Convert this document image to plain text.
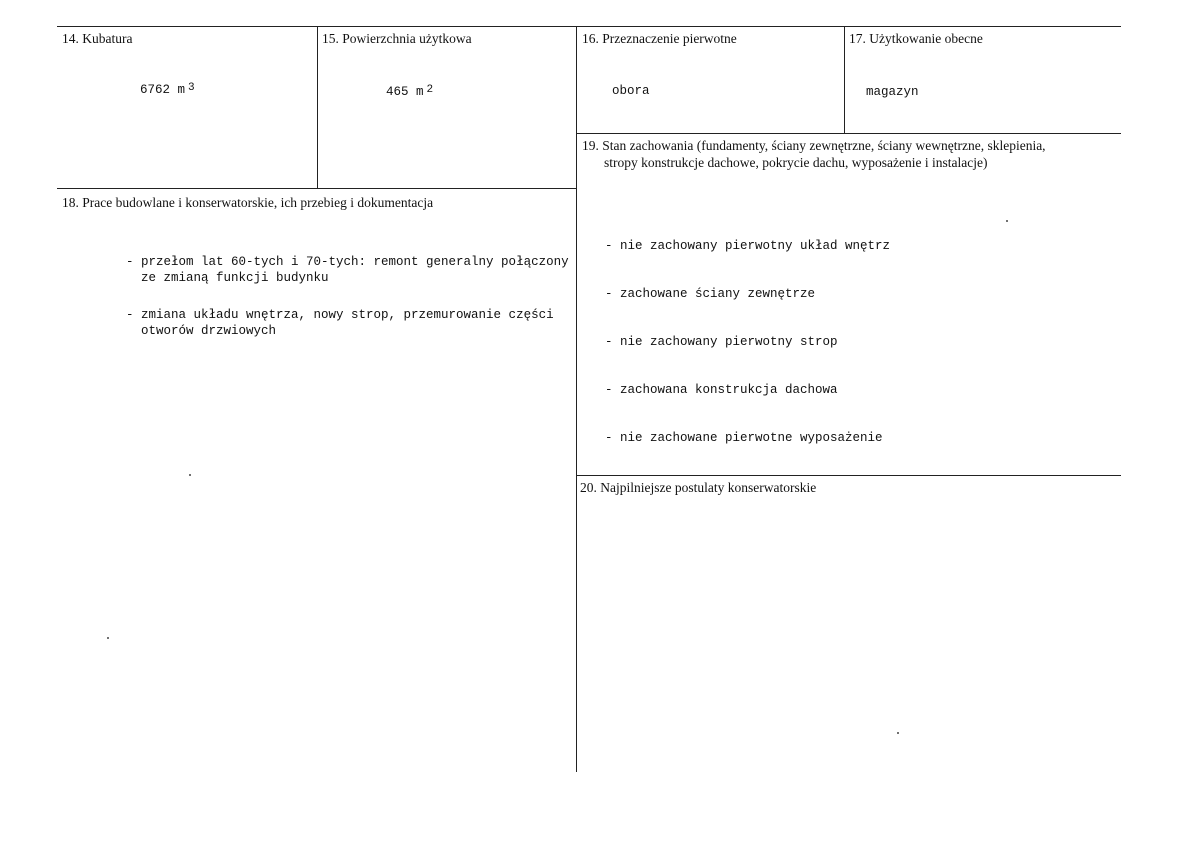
14. Kubatura
6762 m 3
15. Powierzchnia użytkowa
465 m 2
16. Przeznaczenie pierwotne
obora
17. Użytkowanie obecne
magazyn
18. Prace budowlane i konserwatorskie, ich przebieg i dokumentacja
- przełom lat 60-tych i 70-tych: remont generalny połączony
ze zmianą funkcji budynku
- zmiana układu wnętrza, nowy strop, przemurowanie części
otworów drzwiowych
19. Stan zachowania (fundamenty, ściany zewnętrzne, ściany wewnętrzne, sklepienia,
stropy konstrukcje dachowe, pokrycie dachu, wyposażenie i instalacje)

- nie zachowany pierwotny układ wnętrz

- zachowane ściany zewnętrze

- nie zachowany pierwotny strop

- zachowana konstrukcja dachowa

- nie zachowane pierwotne wyposażenie

20. Najpilniejsze postulaty konserwatorskie
